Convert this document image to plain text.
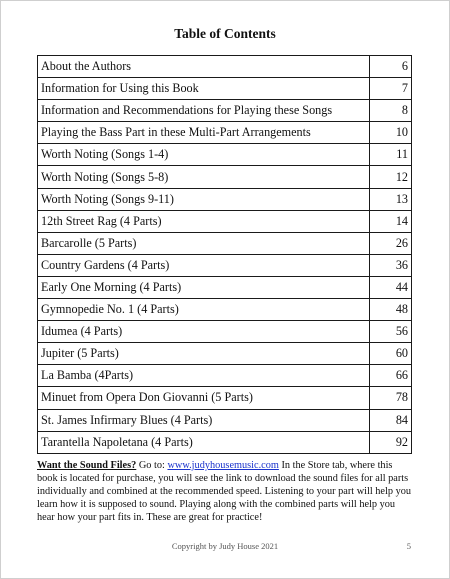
Table of Contents
About the Authors	6
Information for Using this Book	7
Information and Recommendations for Playing these Songs	8
Playing the Bass Part in these Multi-Part Arrangements	10
Worth Noting (Songs 1-4)	11
Worth Noting (Songs 5-8)	12
Worth Noting (Songs 9-11)	13
12th Street Rag (4 Parts)	14
Barcarolle (5 Parts)	26
Country Gardens (4 Parts)	36
Early One Morning (4 Parts)	44
Gymnopedie No. 1 (4 Parts)	48
Idumea (4 Parts)	56
Jupiter (5 Parts)	60
La Bamba (4Parts)	66
Minuet from Opera Don Giovanni (5 Parts)	78
St. James Infirmary Blues (4 Parts)	84
Tarantella Napoletana (4 Parts)	92

Want the Sound Files? Go to: www.judyhousemusic.com In the Store tab, where this book is located for purchase, you will see the link to download the sound files for all parts individually and combined at the recommended speed. Listening to your part will help you learn how it is supposed to sound. Playing along with the combined parts will help you hear how your part fits in. These are great for practice!

Copyright by Judy House 2021	5
